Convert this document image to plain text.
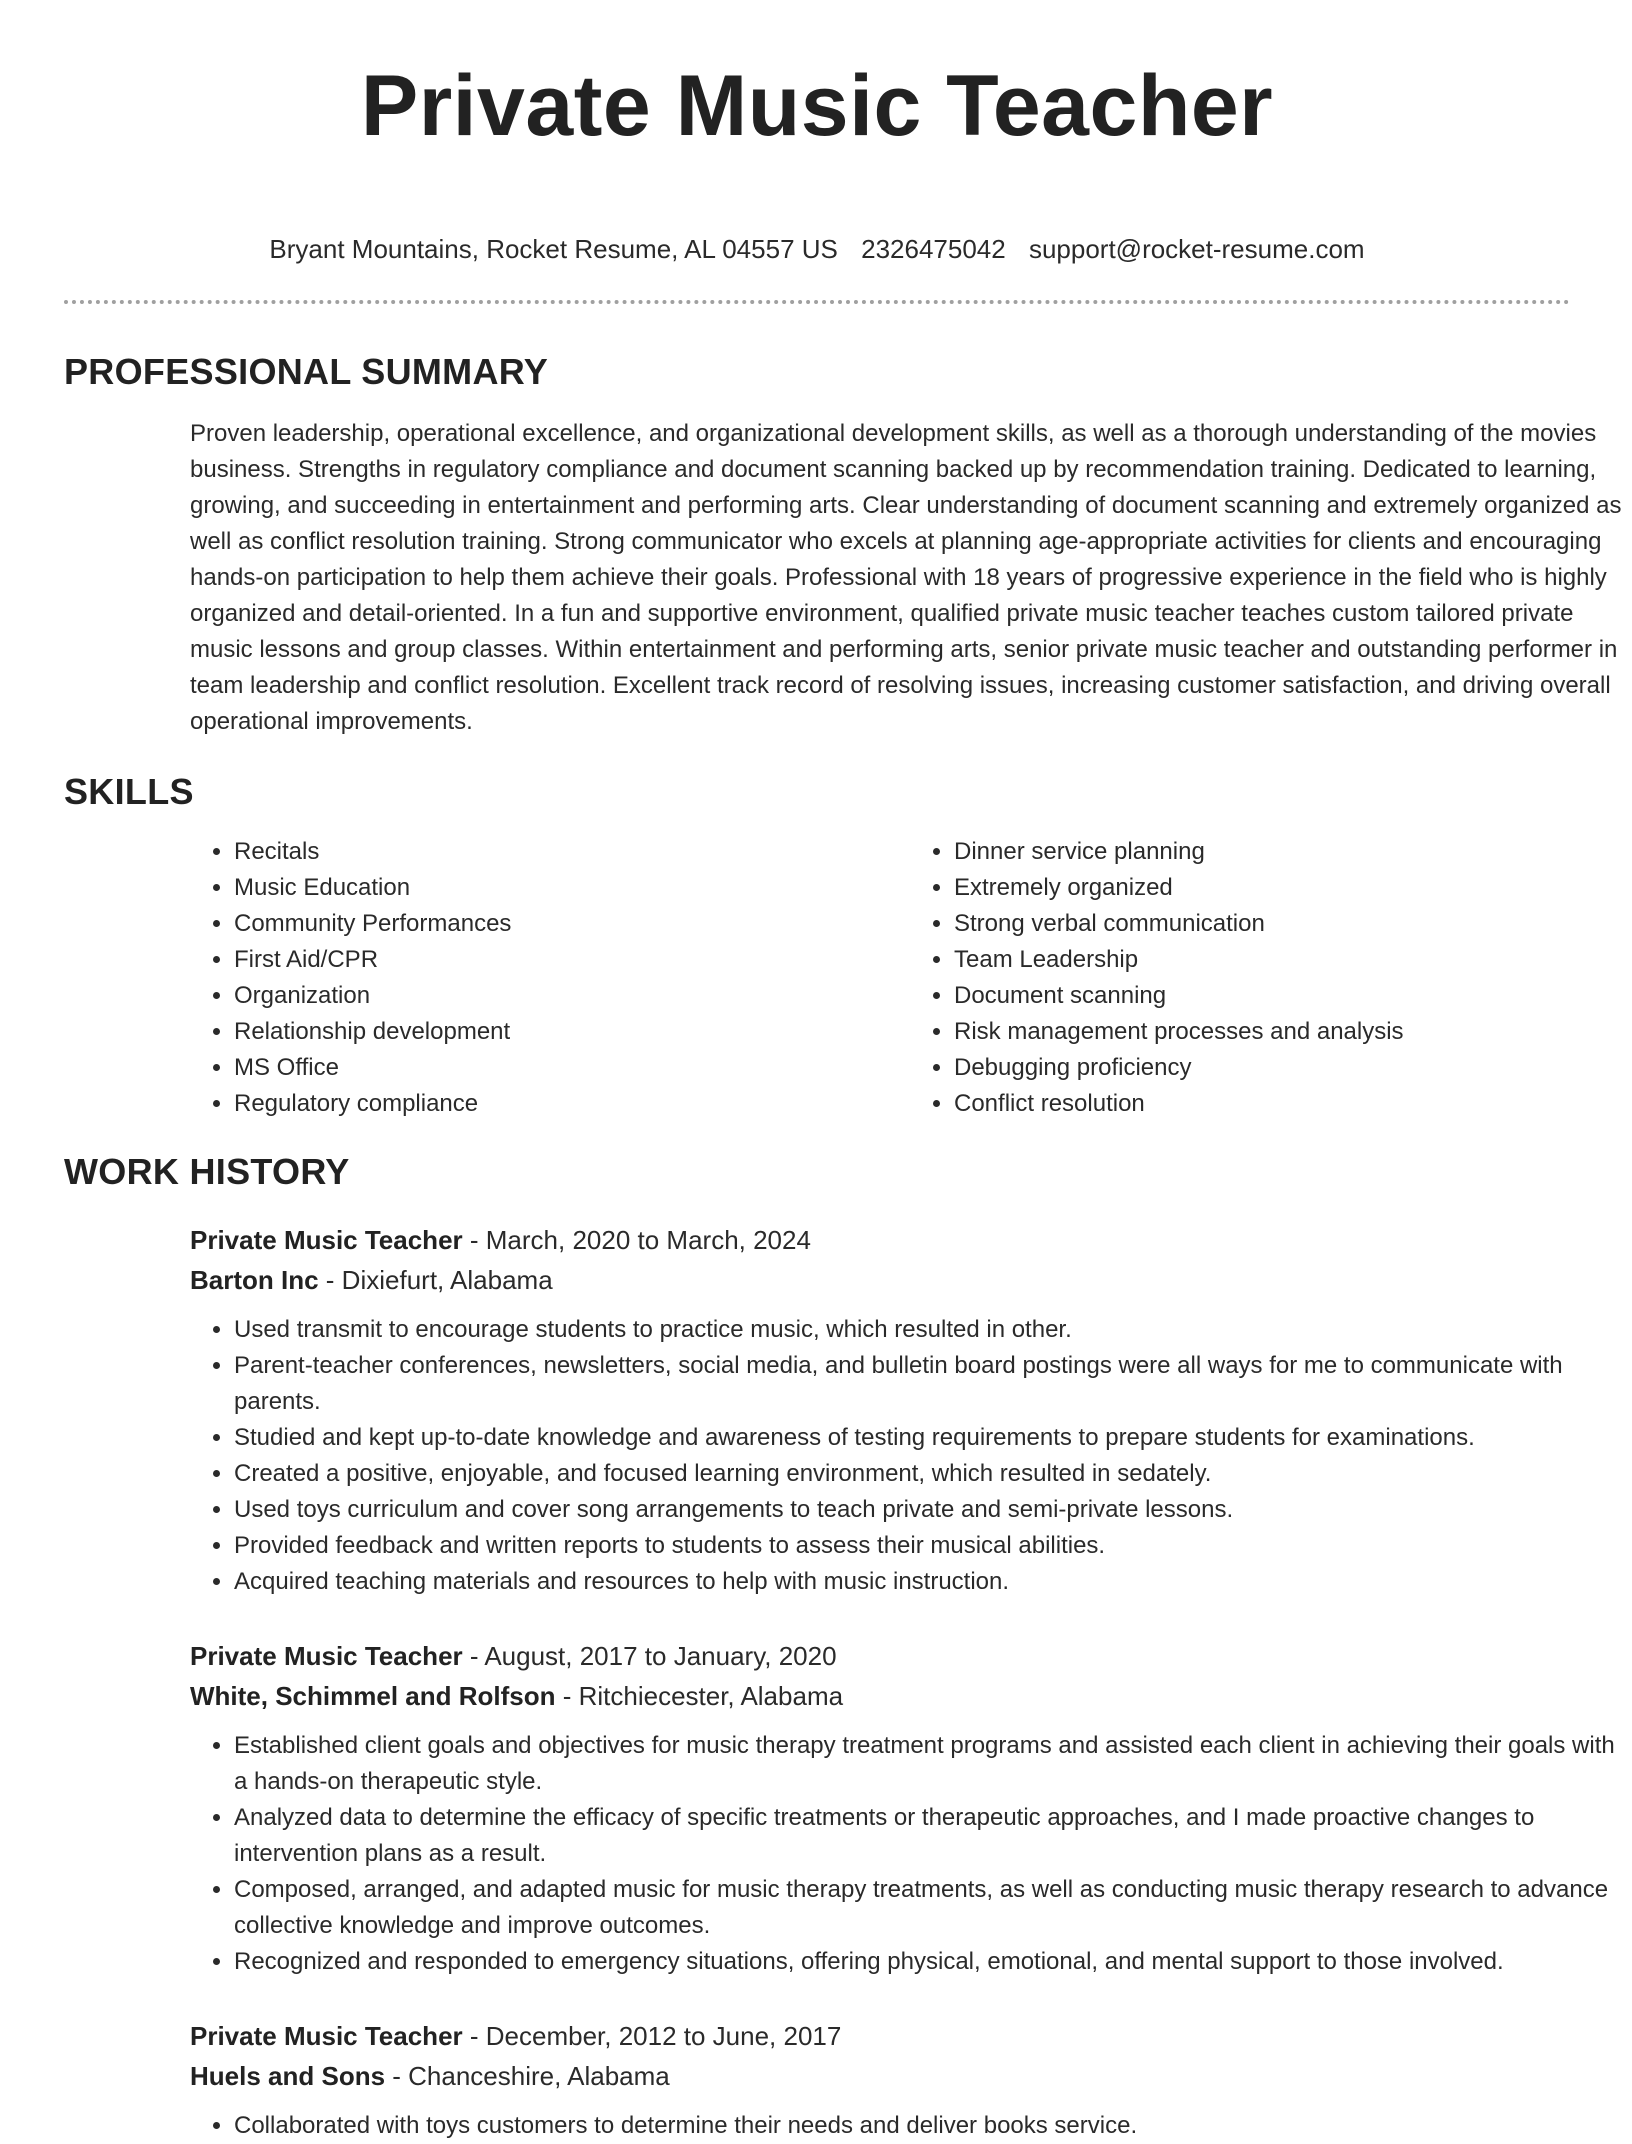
Private Music Teacher
Bryant Mountains, Rocket Resume, AL 04557 US 2326475042 support@rocket-resume.com
PROFESSIONAL SUMMARY

Proven leadership, operational excellence, and organizational development skills, as well as a thorough understanding of the movies business. Strengths in regulatory compliance and document scanning backed up by recommendation training. Dedicated to learning, growing, and succeeding in entertainment and performing arts. Clear understanding of document scanning and extremely organized as well as conflict resolution training. Strong communicator who excels at planning age-appropriate activities for clients and encouraging hands-on participation to help them achieve their goals. Professional with 18 years of progressive experience in the field who is highly organized and detail-oriented. In a fun and supportive environment, qualified private music teacher teaches custom tailored private music lessons and group classes. Within entertainment and performing arts, senior private music teacher and outstanding performer in team leadership and conflict resolution. Excellent track record of resolving issues, increasing customer satisfaction, and driving overall operational improvements.

SKILLS
• Recitals
• Music Education
• Community Performances
• First Aid/CPR
• Organization
• Relationship development
• MS Office
• Regulatory compliance
• Dinner service planning
• Extremely organized
• Strong verbal communication
• Team Leadership
• Document scanning
• Risk management processes and analysis
• Debugging proficiency
• Conflict resolution
WORK HISTORY
Private Music Teacher - March, 2020 to March, 2024
Barton Inc - Dixiefurt, Alabama
• Used transmit to encourage students to practice music, which resulted in other.
• Parent-teacher conferences, newsletters, social media, and bulletin board postings were all ways for me to communicate with parents.
• Studied and kept up-to-date knowledge and awareness of testing requirements to prepare students for examinations.
• Created a positive, enjoyable, and focused learning environment, which resulted in sedately.
• Used toys curriculum and cover song arrangements to teach private and semi-private lessons.
• Provided feedback and written reports to students to assess their musical abilities.
• Acquired teaching materials and resources to help with music instruction.
Private Music Teacher - August, 2017 to January, 2020
White, Schimmel and Rolfson - Ritchiecester, Alabama
• Established client goals and objectives for music therapy treatment programs and assisted each client in achieving their goals with a hands-on therapeutic style.
• Analyzed data to determine the efficacy of specific treatments or therapeutic approaches, and I made proactive changes to intervention plans as a result.
• Composed, arranged, and adapted music for music therapy treatments, as well as conducting music therapy research to advance collective knowledge and improve outcomes.
• Recognized and responded to emergency situations, offering physical, emotional, and mental support to those involved.
Private Music Teacher - December, 2012 to June, 2017
Huels and Sons - Chanceshire, Alabama
• Collaborated with toys customers to determine their needs and deliver books service.
